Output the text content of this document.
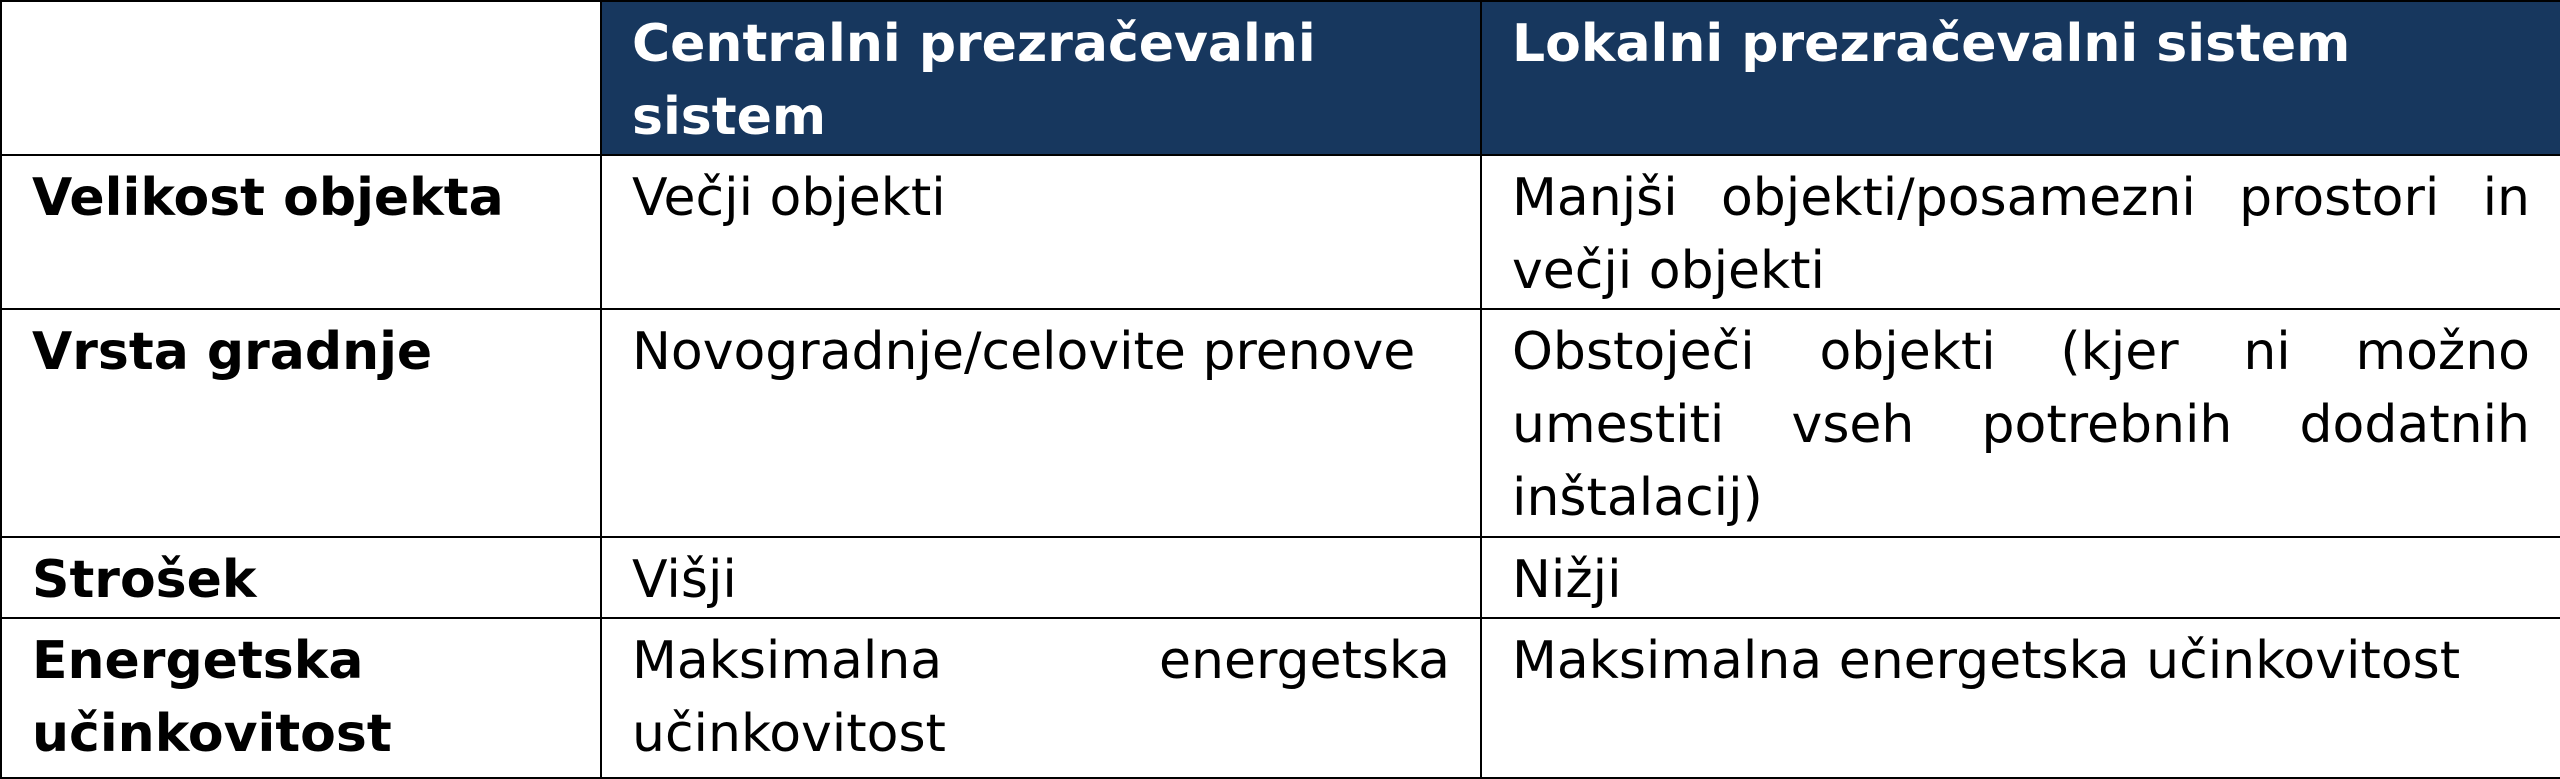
	Centralni prezračevalni sistem	Lokalni prezračevalni sistem
Velikost objekta	Večji objekti	Manjši objekti/posamezni prostori in večji objekti
Vrsta gradnje	Novogradnje/celovite prenove	Obstoječi objekti (kjer ni možno umestiti vseh potrebnih dodatnih inštalacij)
Strošek	Višji	Nižji
Energetska učinkovitost	Maksimalna energetska učinkovitost	Maksimalna energetska učinkovitost
